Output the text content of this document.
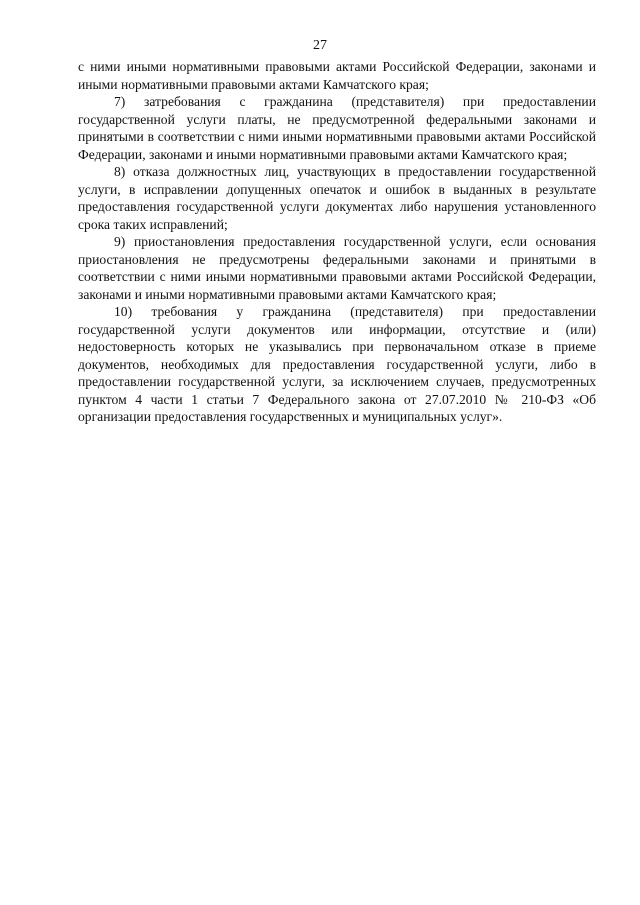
27

с ними иными нормативными правовыми актами Российской Федерации, законами и иными нормативными правовыми актами Камчатского края;

7) затребования с гражданина (представителя) при предоставлении государственной услуги платы, не предусмотренной федеральными законами и принятыми в соответствии с ними иными нормативными правовыми актами Российской Федерации, законами и иными нормативными правовыми актами Камчатского края;

8) отказа должностных лиц, участвующих в предоставлении государственной услуги, в исправлении допущенных опечаток и ошибок в выданных в результате предоставления государственной услуги документах либо нарушения установленного срока таких исправлений;

9) приостановления предоставления государственной услуги, если основания приостановления не предусмотрены федеральными законами и принятыми в соответствии с ними иными нормативными правовыми актами Российской Федерации, законами и иными нормативными правовыми актами Камчатского края;

10) требования у гражданина (представителя) при предоставлении государственной услуги документов или информации, отсутствие и (или) недостоверность которых не указывались при первоначальном отказе в приеме документов, необходимых для предоставления государственной услуги, либо в предоставлении государственной услуги, за исключением случаев, предусмотренных пунктом 4 части 1 статьи 7 Федерального закона от 27.07.2010 № 210-ФЗ «Об организации предоставления государственных и муниципальных услуг».
